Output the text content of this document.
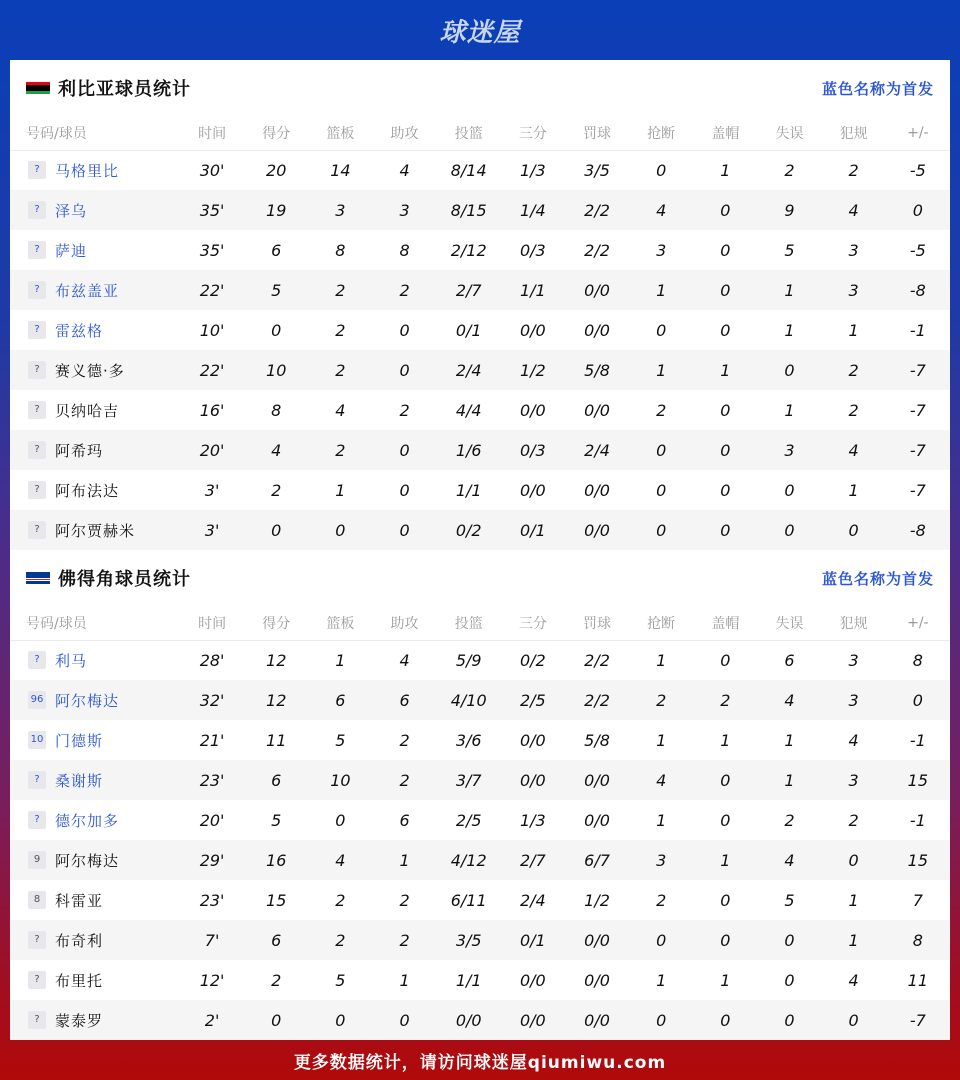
球迷屋
利比亚球员统计	蓝色名称为首发
号码/球员	时间	得分	篮板	助攻	投篮	三分	罚球	抢断	盖帽	失误	犯规	+/-
? 马格里比	30'	20	14	4	8/14	1/3	3/5	0	1	2	2	-5
? 泽乌	35'	19	3	3	8/15	1/4	2/2	4	0	9	4	0
? 萨迪	35'	6	8	8	2/12	0/3	2/2	3	0	5	3	-5
? 布兹盖亚	22'	5	2	2	2/7	1/1	0/0	1	0	1	3	-8
? 雷兹格	10'	0	2	0	0/1	0/0	0/0	0	0	1	1	-1
? 赛义德·多	22'	10	2	0	2/4	1/2	5/8	1	1	0	2	-7
? 贝纳哈吉	16'	8	4	2	4/4	0/0	0/0	2	0	1	2	-7
? 阿希玛	20'	4	2	0	1/6	0/3	2/4	0	0	3	4	-7
? 阿布法达	3'	2	1	0	1/1	0/0	0/0	0	0	0	1	-7
? 阿尔贾赫米	3'	0	0	0	0/2	0/1	0/0	0	0	0	0	-8
佛得角球员统计	蓝色名称为首发
号码/球员	时间	得分	篮板	助攻	投篮	三分	罚球	抢断	盖帽	失误	犯规	+/-
? 利马	28'	12	1	4	5/9	0/2	2/2	1	0	6	3	8
96 阿尔梅达	32'	12	6	6	4/10	2/5	2/2	2	2	4	3	0
10 门德斯	21'	11	5	2	3/6	0/0	5/8	1	1	1	4	-1
? 桑谢斯	23'	6	10	2	3/7	0/0	0/0	4	0	1	3	15
? 德尔加多	20'	5	0	6	2/5	1/3	0/0	1	0	2	2	-1
9 阿尔梅达	29'	16	4	1	4/12	2/7	6/7	3	1	4	0	15
8 科雷亚	23'	15	2	2	6/11	2/4	1/2	2	0	5	1	7
? 布奇利	7'	6	2	2	3/5	0/1	0/0	0	0	0	1	8
? 布里托	12'	2	5	1	1/1	0/0	0/0	1	1	0	4	11
? 蒙泰罗	2'	0	0	0	0/0	0/0	0/0	0	0	0	0	-7
更多数据统计，请访问球迷屋qiumiwu.com
